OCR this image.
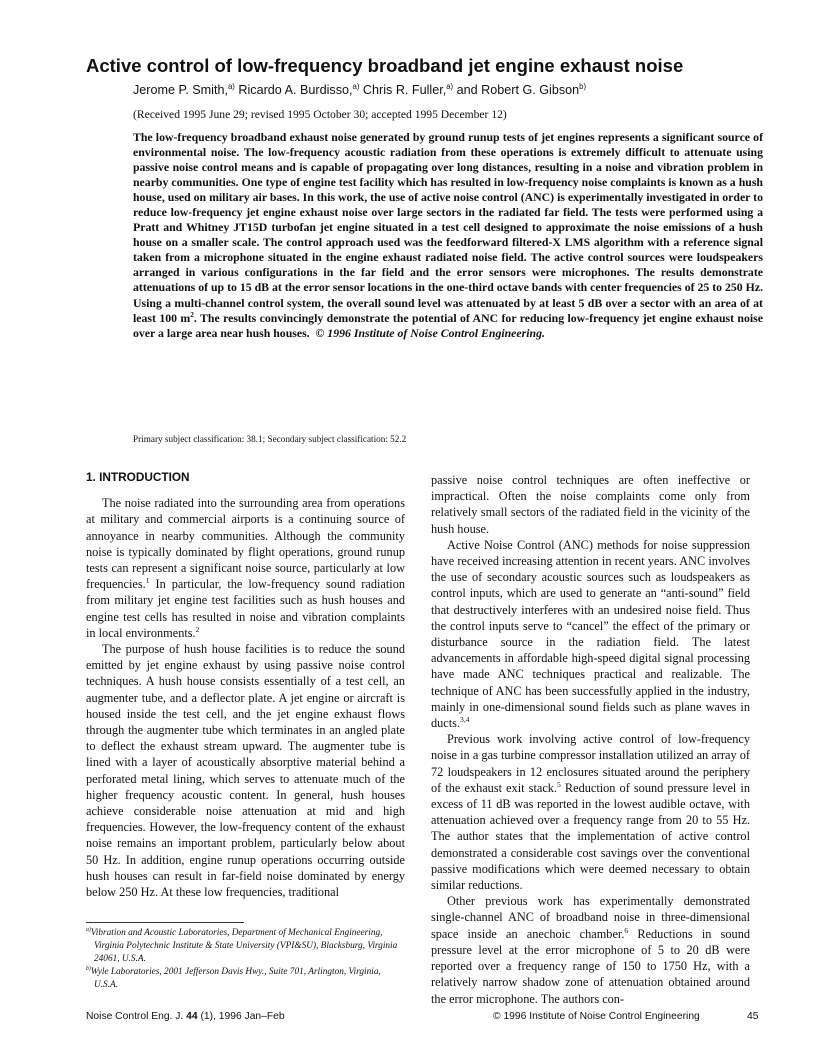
Active control of low-frequency broadband jet engine exhaust noise
Jerome P. Smith,$^{a)}$ Ricardo A. Burdisso,$^{a)}$ Chris R. Fuller,$^{a)}$ and Robert G. Gibson$^{b)}$
(Received 1995 June 29; revised 1995 October 30; accepted 1995 December 12)
The low-frequency broadband exhaust noise generated by ground runup tests of jet engines represents a significant source of environmental noise. The low-frequency acoustic radiation from these operations is extremely difficult to attenuate using passive noise control means and is capable of propagating over long distances, resulting in a noise and vibration problem in nearby communities. One type of engine test facility which has resulted in low-frequency noise complaints is known as a hush house, used on military air bases. In this work, the use of active noise control (ANC) is experimentally investigated in order to reduce low-frequency jet engine exhaust noise over large sectors in the radiated far field. The tests were performed using a Pratt and Whitney JT15D turbofan jet engine situated in a test cell designed to approximate the noise emissions of a hush house on a smaller scale. The control approach used was the feedforward filtered-X LMS algorithm with a reference signal taken from a microphone situated in the engine exhaust radiated noise field. The active control sources were loudspeakers arranged in various configurations in the far field and the error sensors were microphones. The results demonstrate attenuations of up to 15 dB at the error sensor locations in the one-third octave bands with center frequencies of 25 to 250 Hz. Using a multi-channel control system, the overall sound level was attenuated by at least 5 dB over a sector with an area of at least 100 $m^2$. The results convincingly demonstrate the potential of ANC for reducing low-frequency jet engine exhaust noise over a large area near hush houses. © 1996 Institute of Noise Control Engineering.
Primary subject classification: 38.1; Secondary subject classification: 52.2
1. INTRODUCTION

The noise radiated into the surrounding area from operations at military and commercial airports is a continuing source of annoyance in nearby communities. Although the community noise is typically dominated by flight operations, ground runup tests can represent a significant noise source, particularly at low frequencies.$^1$ In particular, the low-frequency sound radiation from military jet engine test facilities such as hush houses and engine test cells has resulted in noise and vibration complaints in local environments.$^2$

The purpose of hush house facilities is to reduce the sound emitted by jet engine exhaust by using passive noise control techniques. A hush house consists essentially of a test cell, an augmenter tube, and a deflector plate. A jet engine or aircraft is housed inside the test cell, and the jet engine exhaust flows through the augmenter tube which terminates in an angled plate to deflect the exhaust stream upward. The augmenter tube is lined with a layer of acoustically absorptive material behind a perforated metal lining, which serves to attenuate much of the higher frequency acoustic content. In general, hush houses achieve considerable noise attenuation at mid and high frequencies. However, the low-frequency content of the exhaust noise remains an important problem, particularly below about 50 Hz. In addition, engine runup operations occurring outside hush houses can result in far-field noise dominated by energy below 250 Hz. At these low frequencies, traditional

passive noise control techniques are often ineffective or impractical. Often the noise complaints come only from relatively small sectors of the radiated field in the vicinity of the hush house.

Active Noise Control (ANC) methods for noise suppression have received increasing attention in recent years. ANC involves the use of secondary acoustic sources such as loudspeakers as control inputs, which are used to generate an “anti-sound” field that destructively interferes with an undesired noise field. Thus the control inputs serve to “cancel” the effect of the primary or disturbance source in the radiation field. The latest advancements in affordable high-speed digital signal processing have made ANC techniques practical and realizable. The technique of ANC has been successfully applied in the industry, mainly in one-dimensional sound fields such as plane waves in ducts.$^{3,4}$

Previous work involving active control of low-frequency noise in a gas turbine compressor installation utilized an array of 72 loudspeakers in 12 enclosures situated around the periphery of the exhaust exit stack.$^5$ Reduction of sound pressure level in excess of 11 dB was reported in the lowest audible octave, with attenuation achieved over a frequency range from 20 to 55 Hz. The author states that the implementation of active control demonstrated a considerable cost savings over the conventional passive modifications which were deemed necessary to obtain similar reductions.

Other previous work has experimentally demonstrated single-channel ANC of broadband noise in three-dimensional space inside an anechoic chamber.$^6$ Reductions in sound pressure level at the error microphone of 5 to 20 dB were reported over a frequency range of 150 to 1750 Hz, with a relatively narrow shadow zone of attenuation obtained around the error microphone. The authors con-

$^{a)}$Vibration and Acoustic Laboratories, Department of Mechanical Engineering, Virginia Polytechnic Institute & State University (VPI&SU), Blacksburg, Virginia 24061, U.S.A.
$^{b)}$Wyle Laboratories, 2001 Jefferson Davis Hwy., Suite 701, Arlington, Virginia, U.S.A.
Noise Control Eng. J. 44 (1), 1996 Jan–Feb	© 1996 Institute of Noise Control Engineering	45
